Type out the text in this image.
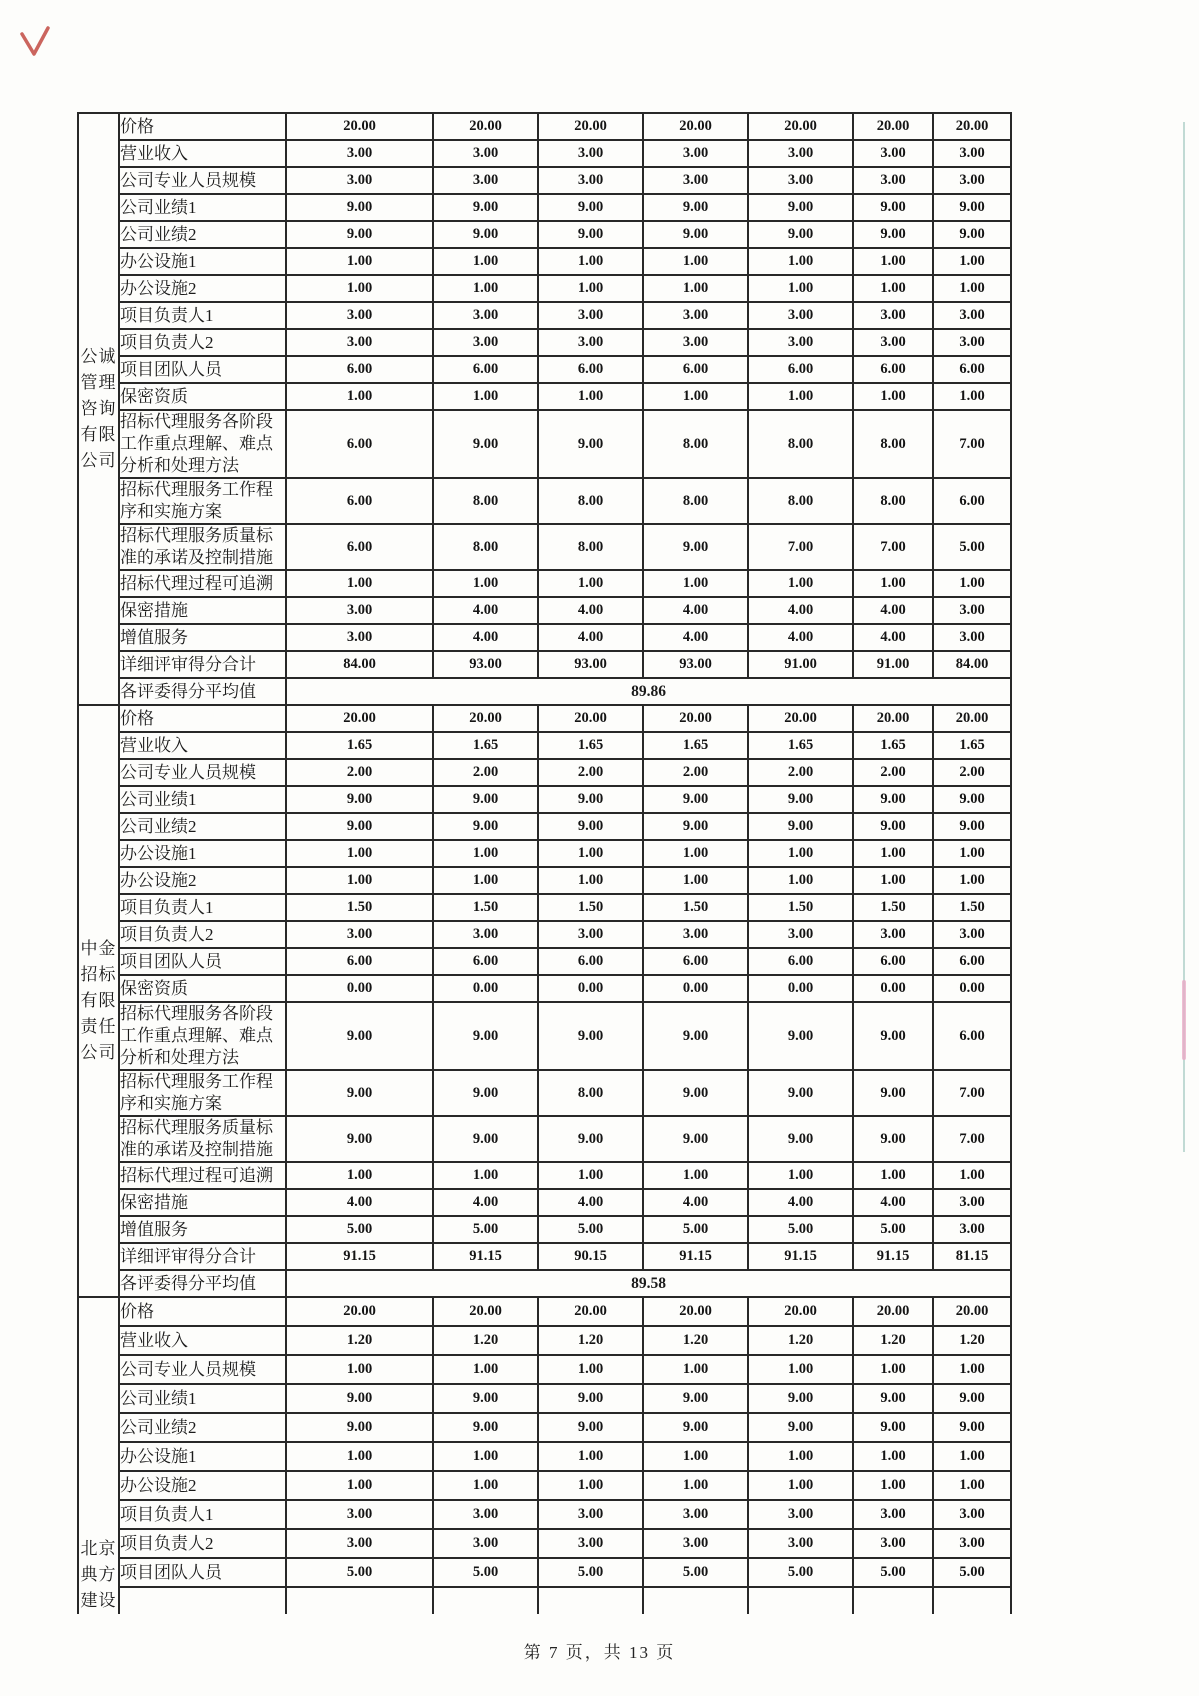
公诚
管理
咨询
有限
公司	价格	20.00	20.00	20.00	20.00	20.00	20.00	20.00
	营业收入	3.00	3.00	3.00	3.00	3.00	3.00	3.00
	公司专业人员规模	3.00	3.00	3.00	3.00	3.00	3.00	3.00
	公司业绩1	9.00	9.00	9.00	9.00	9.00	9.00	9.00
	公司业绩2	9.00	9.00	9.00	9.00	9.00	9.00	9.00
	办公设施1	1.00	1.00	1.00	1.00	1.00	1.00	1.00
	办公设施2	1.00	1.00	1.00	1.00	1.00	1.00	1.00
	项目负责人1	3.00	3.00	3.00	3.00	3.00	3.00	3.00
	项目负责人2	3.00	3.00	3.00	3.00	3.00	3.00	3.00
	项目团队人员	6.00	6.00	6.00	6.00	6.00	6.00	6.00
	保密资质	1.00	1.00	1.00	1.00	1.00	1.00	1.00
	招标代理服务各阶段工作重点理解、难点分析和处理方法	6.00	9.00	9.00	8.00	8.00	8.00	7.00
	招标代理服务工作程序和实施方案	6.00	8.00	8.00	8.00	8.00	8.00	6.00
	招标代理服务质量标准的承诺及控制措施	6.00	8.00	8.00	9.00	7.00	7.00	5.00
	招标代理过程可追溯	1.00	1.00	1.00	1.00	1.00	1.00	1.00
	保密措施	3.00	4.00	4.00	4.00	4.00	4.00	3.00
	增值服务	3.00	4.00	4.00	4.00	4.00	4.00	3.00
	详细评审得分合计	84.00	93.00	93.00	93.00	91.00	91.00	84.00
	各评委得分平均值	89.86						

中金
招标
有限
责任
公司	价格	20.00	20.00	20.00	20.00	20.00	20.00	20.00
	营业收入	1.65	1.65	1.65	1.65	1.65	1.65	1.65
	公司专业人员规模	2.00	2.00	2.00	2.00	2.00	2.00	2.00
	公司业绩1	9.00	9.00	9.00	9.00	9.00	9.00	9.00
	公司业绩2	9.00	9.00	9.00	9.00	9.00	9.00	9.00
	办公设施1	1.00	1.00	1.00	1.00	1.00	1.00	1.00
	办公设施2	1.00	1.00	1.00	1.00	1.00	1.00	1.00
	项目负责人1	1.50	1.50	1.50	1.50	1.50	1.50	1.50
	项目负责人2	3.00	3.00	3.00	3.00	3.00	3.00	3.00
	项目团队人员	6.00	6.00	6.00	6.00	6.00	6.00	6.00
	保密资质	0.00	0.00	0.00	0.00	0.00	0.00	0.00
	招标代理服务各阶段工作重点理解、难点分析和处理方法	9.00	9.00	9.00	9.00	9.00	9.00	6.00
	招标代理服务工作程序和实施方案	9.00	9.00	8.00	9.00	9.00	9.00	7.00
	招标代理服务质量标准的承诺及控制措施	9.00	9.00	9.00	9.00	9.00	9.00	7.00
	招标代理过程可追溯	1.00	1.00	1.00	1.00	1.00	1.00	1.00
	保密措施	4.00	4.00	4.00	4.00	4.00	4.00	3.00
	增值服务	5.00	5.00	5.00	5.00	5.00	5.00	3.00
	详细评审得分合计	91.15	91.15	90.15	91.15	91.15	91.15	81.15
	各评委得分平均值	89.58						

北京
典方
建设	价格	20.00	20.00	20.00	20.00	20.00	20.00	20.00
	营业收入	1.20	1.20	1.20	1.20	1.20	1.20	1.20
	公司专业人员规模	1.00	1.00	1.00	1.00	1.00	1.00	1.00
	公司业绩1	9.00	9.00	9.00	9.00	9.00	9.00	9.00
	公司业绩2	9.00	9.00	9.00	9.00	9.00	9.00	9.00
	办公设施1	1.00	1.00	1.00	1.00	1.00	1.00	1.00
	办公设施2	1.00	1.00	1.00	1.00	1.00	1.00	1.00
	项目负责人1	3.00	3.00	3.00	3.00	3.00	3.00	3.00
	项目负责人2	3.00	3.00	3.00	3.00	3.00	3.00	3.00
	项目团队人员	5.00	5.00	5.00	5.00	5.00	5.00	5.00

第 7 页，共 13 页
